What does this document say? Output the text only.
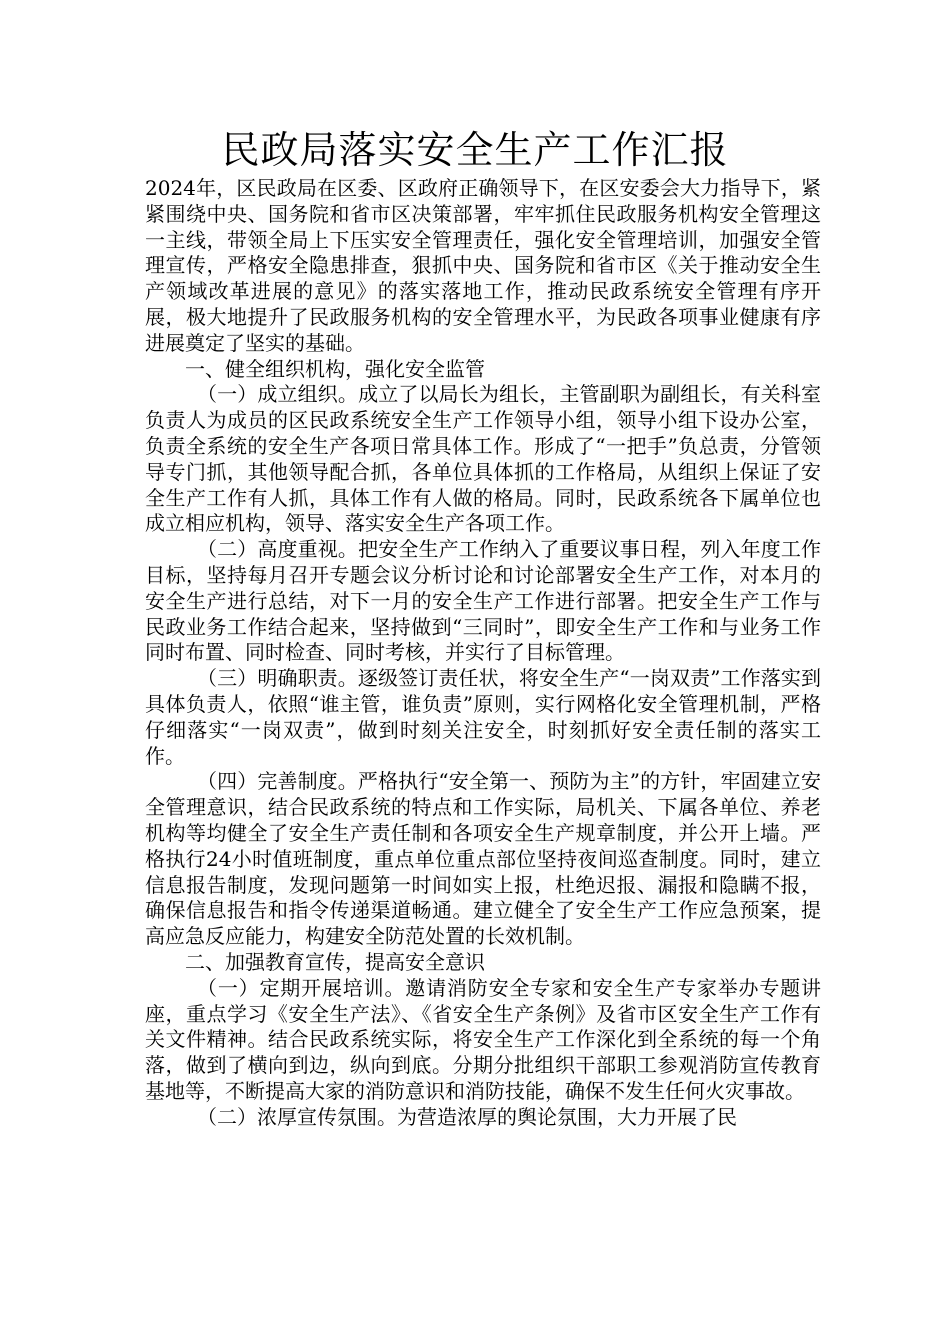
民政局落实安全生产工作汇报

2024年，区民政局在区委、区政府正确领导下，在区安委会大力指导下，紧紧围绕中央、国务院和省市区决策部署，牢牢抓住民政服务机构安全管理这一主线，带领全局上下压实安全管理责任，强化安全管理培训，加强安全管理宣传，严格安全隐患排查，狠抓中央、国务院和省市区《关于推动安全生产领域改革进展的意见》的落实落地工作，推动民政系统安全管理有序开展，极大地提升了民政服务机构的安全管理水平，为民政各项事业健康有序进展奠定了坚实的基础。

一、健全组织机构，强化安全监管

（一）成立组织。成立了以局长为组长，主管副职为副组长，有关科室负责人为成员的区民政系统安全生产工作领导小组，领导小组下设办公室，负责全系统的安全生产各项日常具体工作。形成了“一把手”负总责，分管领导专门抓，其他领导配合抓，各单位具体抓的工作格局，从组织上保证了安全生产工作有人抓，具体工作有人做的格局。同时，民政系统各下属单位也成立相应机构，领导、落实安全生产各项工作。

（二）高度重视。把安全生产工作纳入了重要议事日程，列入年度工作目标，坚持每月召开专题会议分析讨论和讨论部署安全生产工作，对本月的安全生产进行总结，对下一月的安全生产工作进行部署。把安全生产工作与民政业务工作结合起来，坚持做到“三同时”，即安全生产工作和与业务工作同时布置、同时检查、同时考核，并实行了目标管理。

（三）明确职责。逐级签订责任状，将安全生产“一岗双责”工作落实到具体负责人，依照“谁主管，谁负责”原则，实行网格化安全管理机制，严格仔细落实“一岗双责”，做到时刻关注安全，时刻抓好安全责任制的落实工作。

（四）完善制度。严格执行“安全第一、预防为主”的方针，牢固建立安全管理意识，结合民政系统的特点和工作实际，局机关、下属各单位、养老机构等均健全了安全生产责任制和各项安全生产规章制度，并公开上墙。严格执行24小时值班制度，重点单位重点部位坚持夜间巡查制度。同时，建立信息报告制度，发现问题第一时间如实上报，杜绝迟报、漏报和隐瞒不报，确保信息报告和指令传递渠道畅通。建立健全了安全生产工作应急预案，提高应急反应能力，构建安全防范处置的长效机制。

二、加强教育宣传，提高安全意识

（一）定期开展培训。邀请消防安全专家和安全生产专家举办专题讲座，重点学习《安全生产法》、《省安全生产条例》及省市区安全生产工作有关文件精神。结合民政系统实际，将安全生产工作深化到全系统的每一个角落，做到了横向到边，纵向到底。分期分批组织干部职工参观消防宣传教育基地等，不断提高大家的消防意识和消防技能，确保不发生任何火灾事故。

（二）浓厚宣传氛围。为营造浓厚的舆论氛围，大力开展了民
